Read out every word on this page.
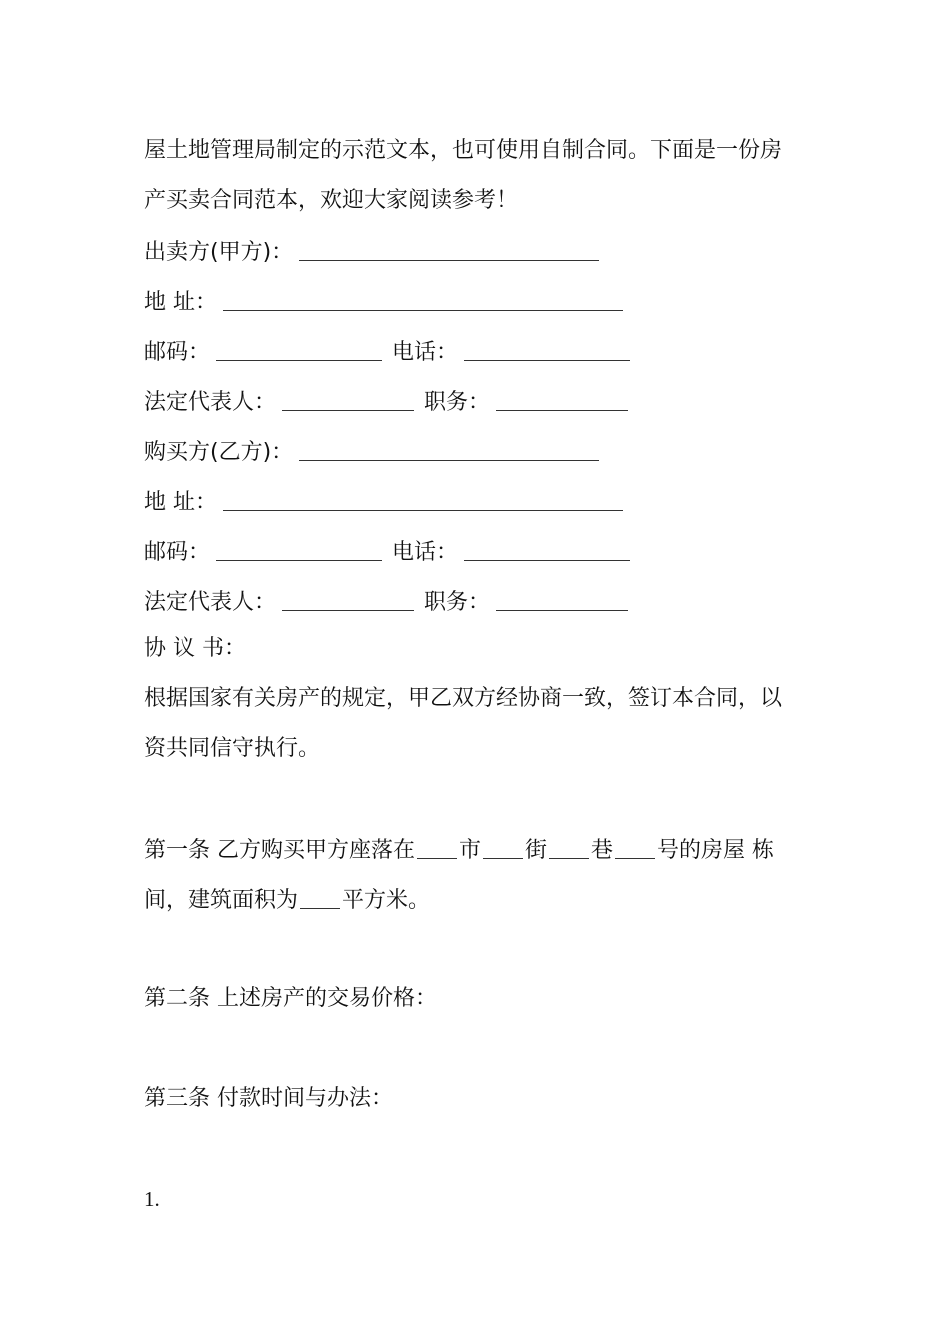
屋土地管理局制定的示范文本，也可使用自制合同。下面是一份房
产买卖合同范本，欢迎大家阅读参考！
出卖方(甲方)：
地 址：
邮码：	电话：
法定代表人：	职务：
购买方(乙方)：
地 址：
邮码：	电话：
法定代表人：	职务：
协 议 书：
根据国家有关房产的规定，甲乙双方经协商一致，签订本合同，以
资共同信守执行。
第一条 乙方购买甲方座落在 市 街 巷 号的房屋 栋
间，建筑面积为 平方米。
第二条 上述房产的交易价格：
第三条 付款时间与办法：
1.
